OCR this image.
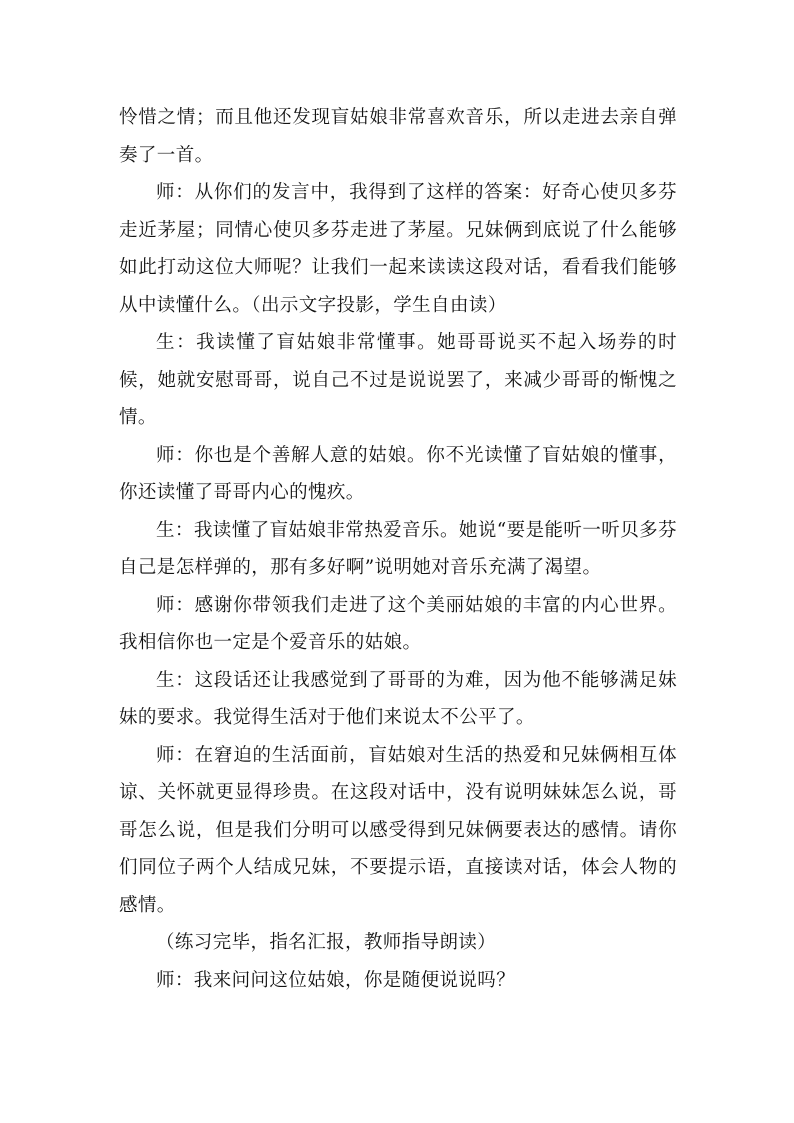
怜惜之情；而且他还发现盲姑娘非常喜欢音乐，所以走进去亲自弹奏了一首。

师：从你们的发言中，我得到了这样的答案：好奇心使贝多芬走近茅屋；同情心使贝多芬走进了茅屋。兄妹俩到底说了什么能够如此打动这位大师呢？让我们一起来读读这段对话，看看我们能够从中读懂什么。（出示文字投影，学生自由读）

生：我读懂了盲姑娘非常懂事。她哥哥说买不起入场券的时候，她就安慰哥哥，说自己不过是说说罢了，来减少哥哥的惭愧之情。

师：你也是个善解人意的姑娘。你不光读懂了盲姑娘的懂事，你还读懂了哥哥内心的愧疚。

生：我读懂了盲姑娘非常热爱音乐。她说“要是能听一听贝多芬自己是怎样弹的，那有多好啊”说明她对音乐充满了渴望。

师：感谢你带领我们走进了这个美丽姑娘的丰富的内心世界。我相信你也一定是个爱音乐的姑娘。

生：这段话还让我感觉到了哥哥的为难，因为他不能够满足妹妹的要求。我觉得生活对于他们来说太不公平了。

师：在窘迫的生活面前，盲姑娘对生活的热爱和兄妹俩相互体谅、关怀就更显得珍贵。在这段对话中，没有说明妹妹怎么说，哥哥怎么说，但是我们分明可以感受得到兄妹俩要表达的感情。请你们同位子两个人结成兄妹，不要提示语，直接读对话，体会人物的感情。

（练习完毕，指名汇报，教师指导朗读）

师：我来问问这位姑娘，你是随便说说吗？
